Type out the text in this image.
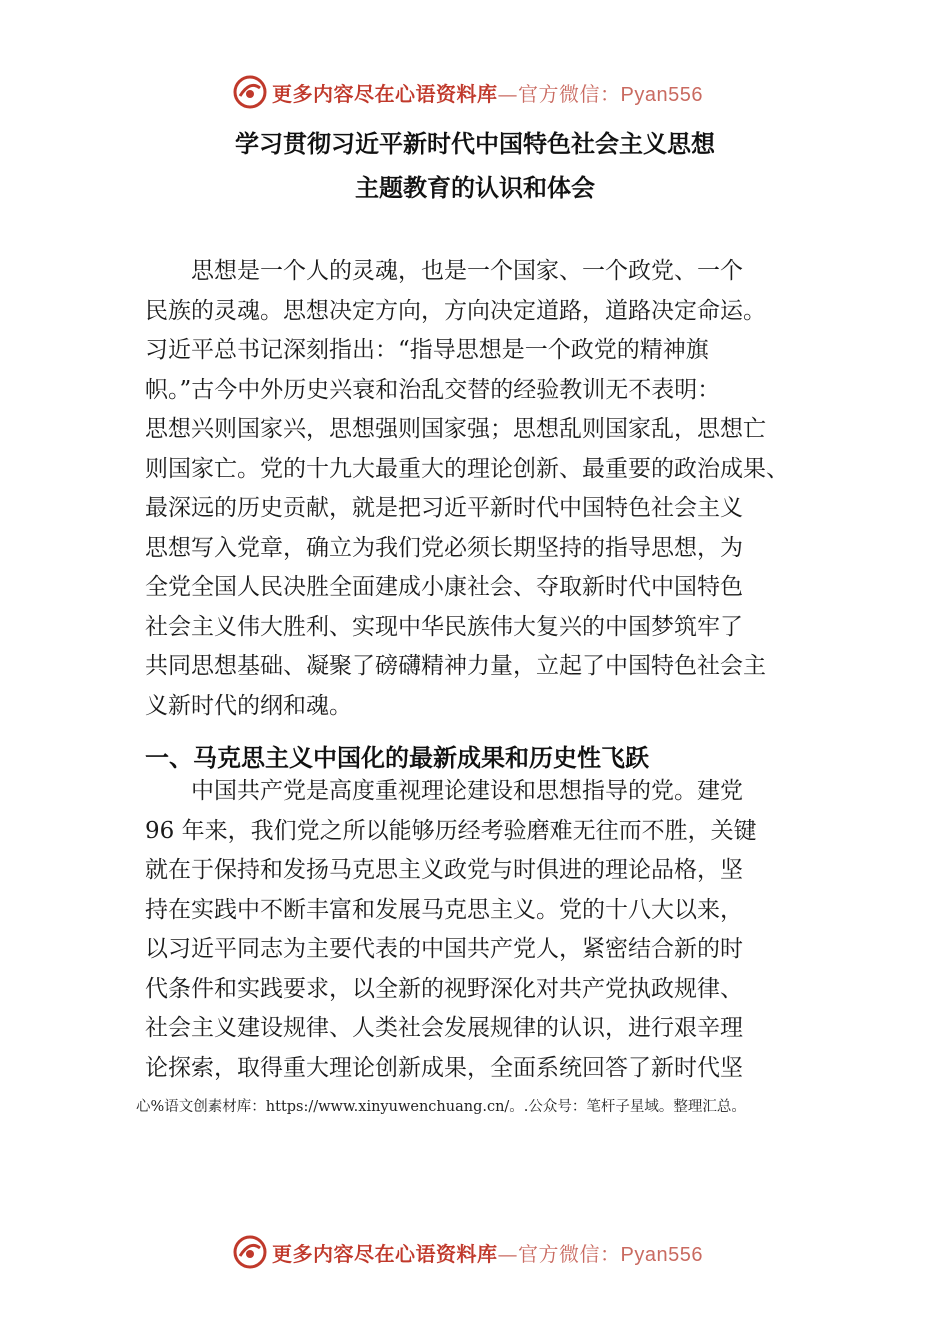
更多内容尽在心语资料库—官方微信：Pyan556
学习贯彻习近平新时代中国特色社会主义思想
主题教育的认识和体会
　　思想是一个人的灵魂，也是一个国家、一个政党、一个
民族的灵魂。思想决定方向，方向决定道路，道路决定命运。
习近平总书记深刻指出：“指导思想是一个政党的精神旗
帜。”古今中外历史兴衰和治乱交替的经验教训无不表明：
思想兴则国家兴，思想强则国家强；思想乱则国家乱，思想亡
则国家亡。党的十九大最重大的理论创新、最重要的政治成果、
最深远的历史贡献，就是把习近平新时代中国特色社会主义
思想写入党章，确立为我们党必须长期坚持的指导思想，为
全党全国人民决胜全面建成小康社会、夺取新时代中国特色
社会主义伟大胜利、实现中华民族伟大复兴的中国梦筑牢了
共同思想基础、凝聚了磅礴精神力量，立起了中国特色社会主
义新时代的纲和魂。
一、马克思主义中国化的最新成果和历史性飞跃
　　中国共产党是高度重视理论建设和思想指导的党。建党
96 年来，我们党之所以能够历经考验磨难无往而不胜，关键
就在于保持和发扬马克思主义政党与时俱进的理论品格，坚
持在实践中不断丰富和发展马克思主义。党的十八大以来，
以习近平同志为主要代表的中国共产党人，紧密结合新的时
代条件和实践要求，以全新的视野深化对共产党执政规律、
社会主义建设规律、人类社会发展规律的认识，进行艰辛理
论探索，取得重大理论创新成果，全面系统回答了新时代坚
心%语文创素材库：https://www.xinyuwenchuang.cn/。.公众号：笔杆子星域。整理汇总。
更多内容尽在心语资料库—官方微信：Pyan556
